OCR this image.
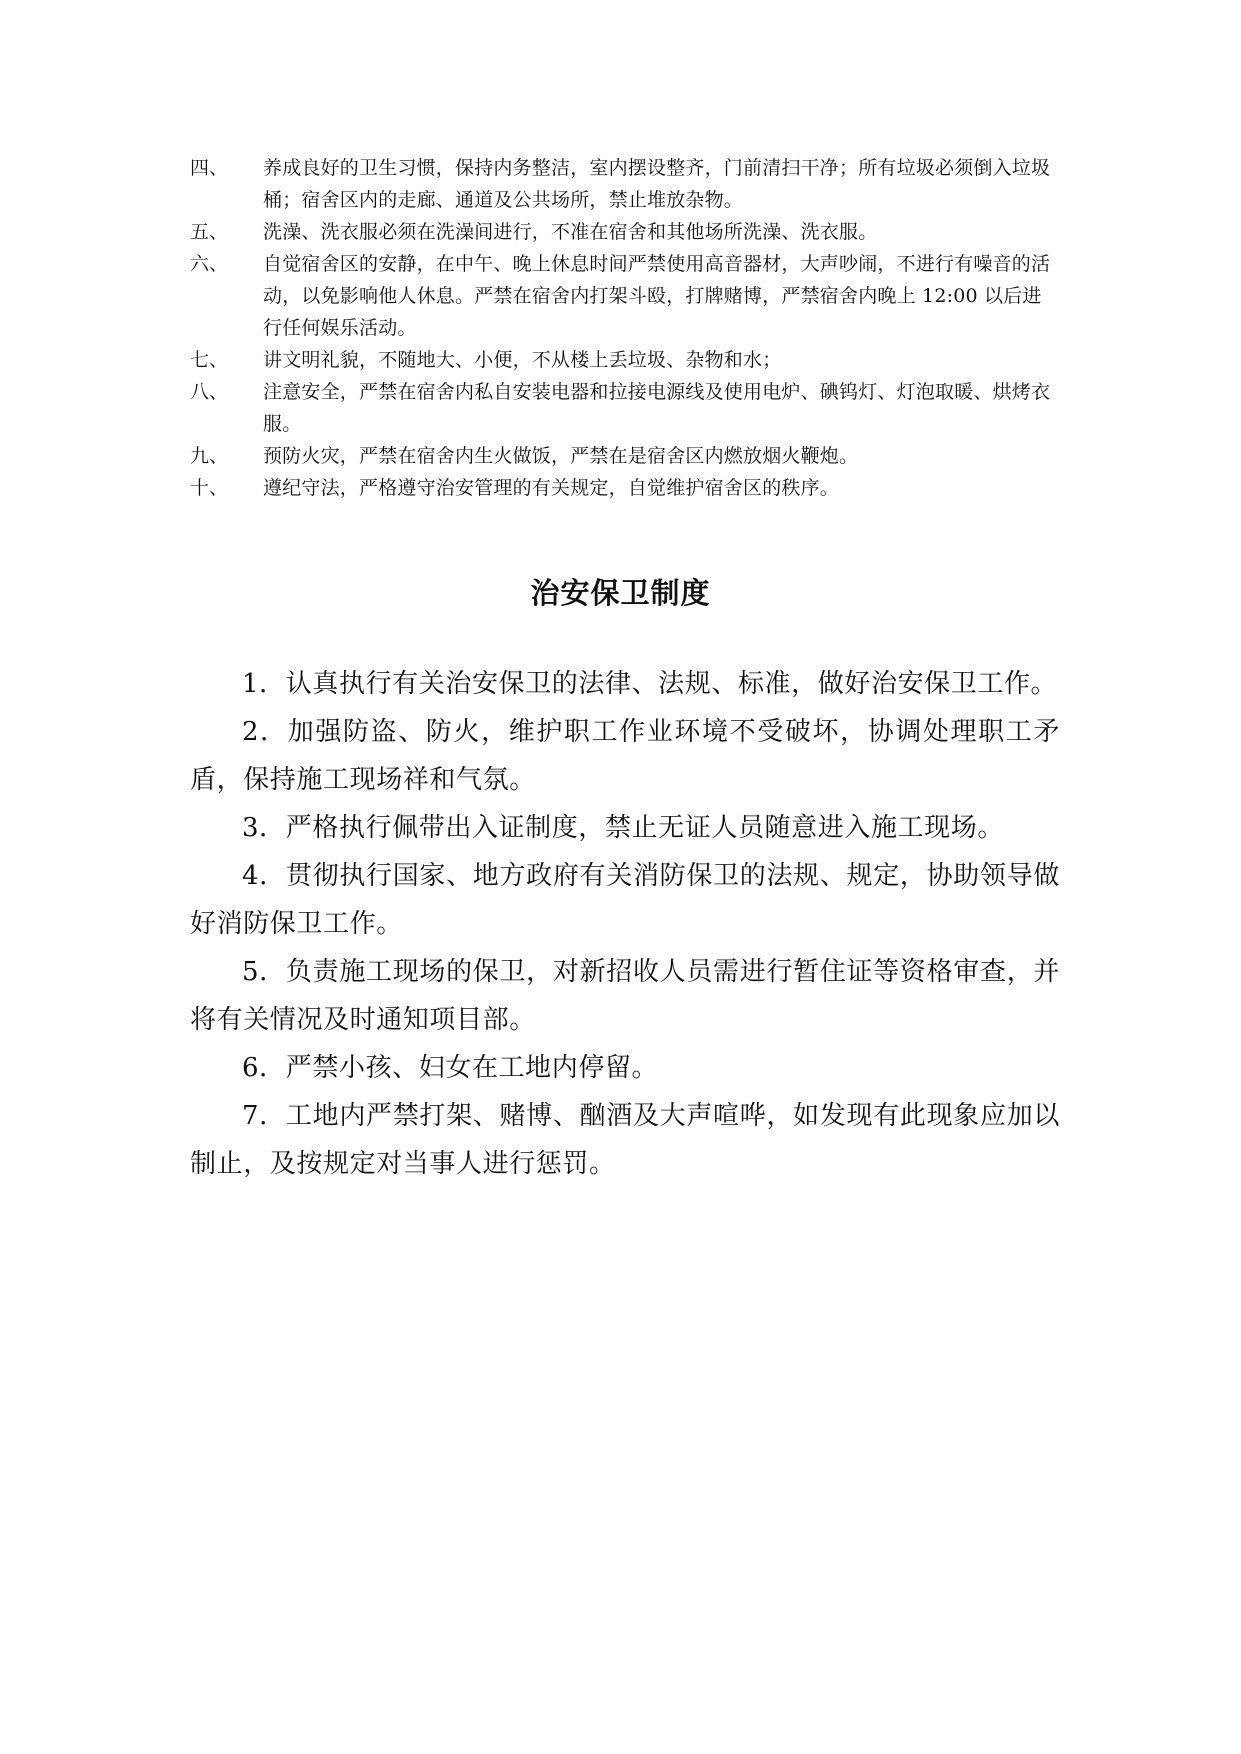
四、	养成良好的卫生习惯，保持内务整洁，室内摆设整齐，门前清扫干净；所有垃圾必须倒入垃圾桶；宿舍区内的走廊、通道及公共场所，禁止堆放杂物。
五、	洗澡、洗衣服必须在洗澡间进行，不准在宿舍和其他场所洗澡、洗衣服。
六、	自觉宿舍区的安静，在中午、晚上休息时间严禁使用高音器材，大声吵闹，不进行有噪音的活动，以免影响他人休息。严禁在宿舍内打架斗殴，打牌赌博，严禁宿舍内晚上 12:00 以后进行任何娱乐活动。
七、	讲文明礼貌，不随地大、小便，不从楼上丢垃圾、杂物和水；
八、	注意安全，严禁在宿舍内私自安装电器和拉接电源线及使用电炉、碘钨灯、灯泡取暖、烘烤衣服。
九、	预防火灾，严禁在宿舍内生火做饭，严禁在是宿舍区内燃放烟火鞭炮。
十、	遵纪守法，严格遵守治安管理的有关规定，自觉维护宿舍区的秩序。
治安保卫制度

1．认真执行有关治安保卫的法律、法规、标准，做好治安保卫工作。

2．加强防盗、防火，维护职工作业环境不受破坏，协调处理职工矛盾，保持施工现场祥和气氛。

3．严格执行佩带出入证制度，禁止无证人员随意进入施工现场。

4．贯彻执行国家、地方政府有关消防保卫的法规、规定，协助领导做好消防保卫工作。

5．负责施工现场的保卫，对新招收人员需进行暂住证等资格审查，并将有关情况及时通知项目部。

6．严禁小孩、妇女在工地内停留。

7．工地内严禁打架、赌博、酗酒及大声喧哗，如发现有此现象应加以制止，及按规定对当事人进行惩罚。
